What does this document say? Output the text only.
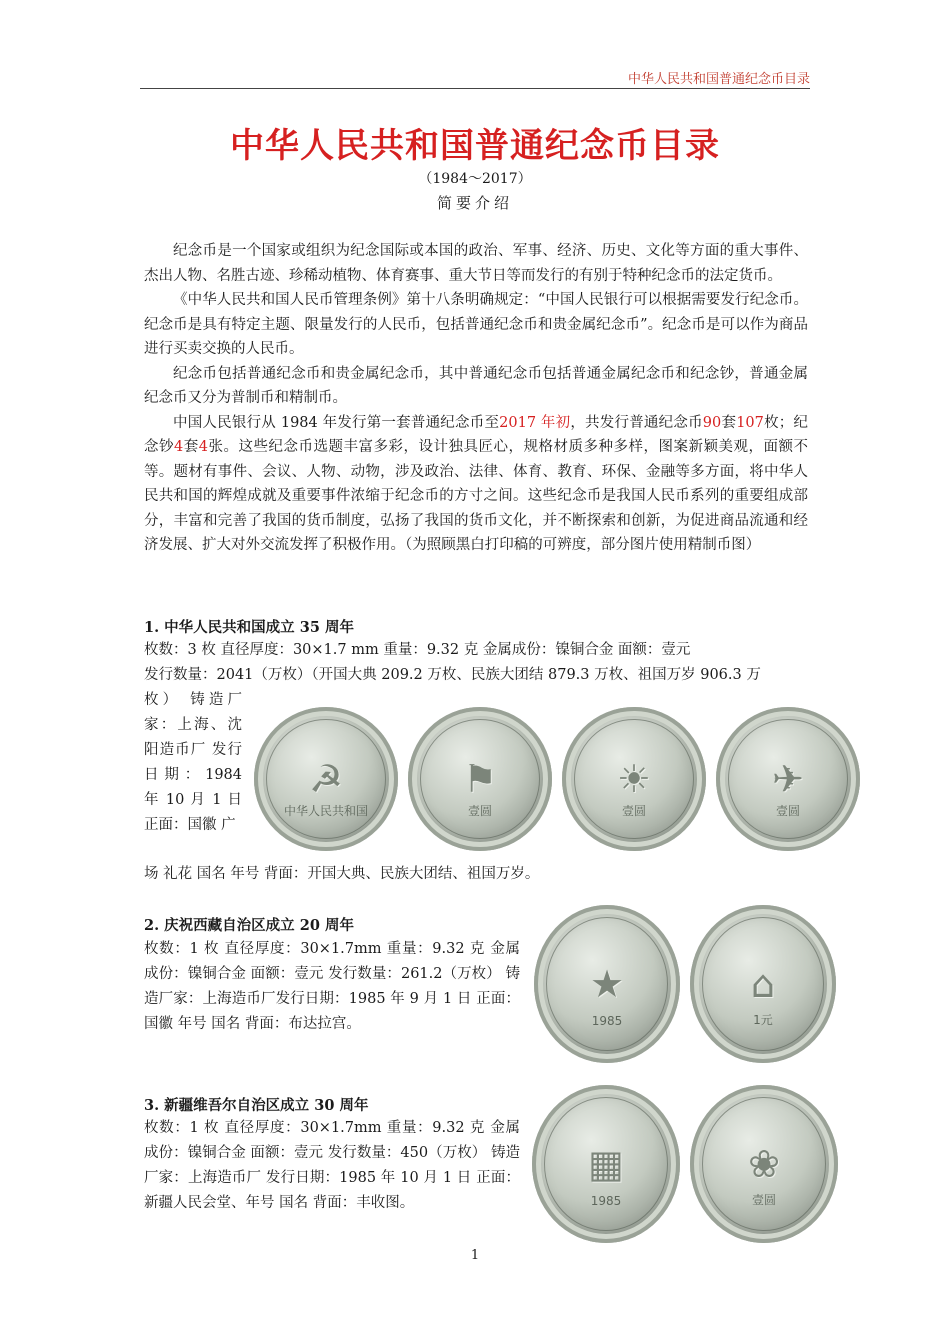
中华人民共和国普通纪念币目录
中华人民共和国普通纪念币目录
（1984～2017）
简要介绍

纪念币是一个国家或组织为纪念国际或本国的政治、军事、经济、历史、文化等方面的重大事件、杰出人物、名胜古迹、珍稀动植物、体育赛事、重大节日等而发行的有别于特种纪念币的法定货币。

《中华人民共和国人民币管理条例》第十八条明确规定：“中国人民银行可以根据需要发行纪念币。纪念币是具有特定主题、限量发行的人民币，包括普通纪念币和贵金属纪念币”。纪念币是可以作为商品进行买卖交换的人民币。

纪念币包括普通纪念币和贵金属纪念币，其中普通纪念币包括普通金属纪念币和纪念钞，普通金属纪念币又分为普制币和精制币。

中国人民银行从 1984 年发行第一套普通纪念币至2017 年初，共发行普通纪念币90套107枚；纪念钞4套4张。这些纪念币选题丰富多彩，设计独具匠心，规格材质多种多样，图案新颖美观，面额不等。题材有事件、会议、人物、动物，涉及政治、法律、体育、教育、环保、金融等多方面，将中华人民共和国的辉煌成就及重要事件浓缩于纪念币的方寸之间。这些纪念币是我国人民币系列的重要组成部分，丰富和完善了我国的货币制度，弘扬了我国的货币文化，并不断探索和创新，为促进商品流通和经济发展、扩大对外交流发挥了积极作用。（为照顾黑白打印稿的可辨度，部分图片使用精制币图）

1. 中华人民共和国成立 35 周年
枚数：3 枚 直径厚度：30×1.7 mm 重量：9.32 克 金属成份：镍铜合金 面额：壹元
发行数量：2041（万枚）（开国大典 209.2 万枚、民族大团结 879.3 万枚、祖国万岁 906.3 万
枚） 铸造厂家：上海、沈阳造币厂 发行日期：1984 年 10 月 1 日 正面：国徽 广
场 礼花 国名 年号 背面：开国大典、民族大团结、祖国万岁。
☭
中华人民共和国
⚑
壹圆
☀
壹圆
✈
壹圆
2. 庆祝西藏自治区成立 20 周年
枚数：1 枚 直径厚度：30×1.7mm 重量：9.32 克 金属成份：镍铜合金 面额：壹元 发行数量：261.2（万枚） 铸造厂家：上海造币厂发行日期：1985 年 9 月 1 日 正面：国徽 年号 国名 背面：布达拉宫。
★
1985
⌂
1元
3. 新疆维吾尔自治区成立 30 周年
枚数：1 枚 直径厚度：30×1.7mm 重量：9.32 克 金属成份：镍铜合金 面额：壹元 发行数量：450（万枚） 铸造厂家：上海造币厂 发行日期：1985 年 10 月 1 日 正面：新疆人民会堂、年号 国名 背面：丰收图。
▦
1985
❀
壹圆
1
